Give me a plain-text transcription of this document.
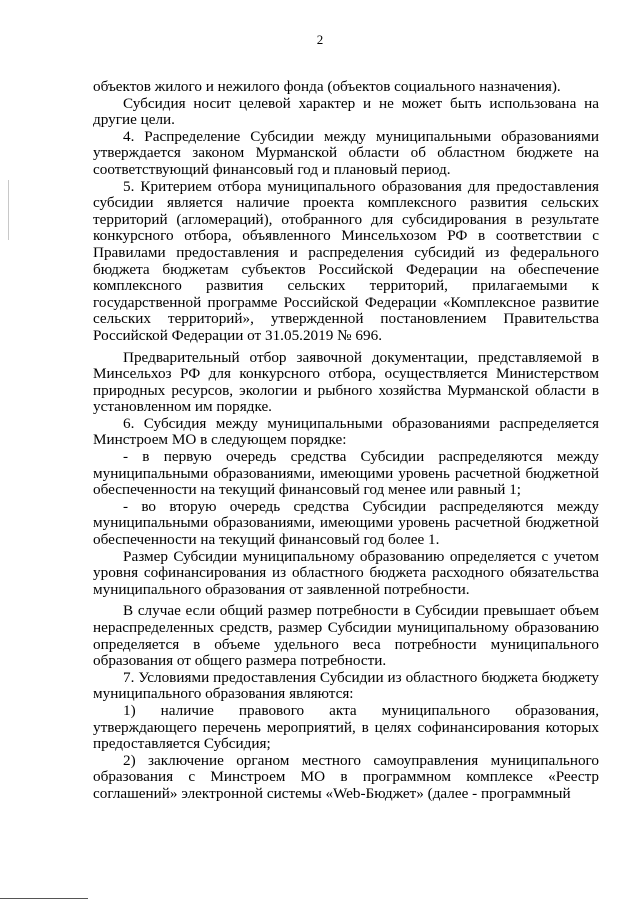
2

объектов жилого и нежилого фонда (объектов социального назначения).

Субсидия носит целевой характер и не может быть использована на другие цели.

4. Распределение Субсидии между муниципальными образованиями утверждается законом Мурманской области об областном бюджете на соответствующий финансовый год и плановый период.

5. Критерием отбора муниципального образования для предоставления субсидии является наличие проекта комплексного развития сельских территорий (агломераций), отобранного для субсидирования в результате конкурсного отбора, объявленного Минсельхозом РФ в соответствии с Правилами предоставления и распределения субсидий из федерального бюджета бюджетам субъектов Российской Федерации на обеспечение комплексного развития сельских территорий, прилагаемыми к государственной программе Российской Федерации «Комплексное развитие сельских территорий», утвержденной постановлением Правительства Российской Федерации от 31.05.2019 № 696.

Предварительный отбор заявочной документации, представляемой в Минсельхоз РФ для конкурсного отбора, осуществляется Министерством природных ресурсов, экологии и рыбного хозяйства Мурманской области в установленном им порядке.

6. Субсидия между муниципальными образованиями распределяется Минстроем МО в следующем порядке:

- в первую очередь средства Субсидии распределяются между муниципальными образованиями, имеющими уровень расчетной бюджетной обеспеченности на текущий финансовый год менее или равный 1;

- во вторую очередь средства Субсидии распределяются между муниципальными образованиями, имеющими уровень расчетной бюджетной обеспеченности на текущий финансовый год более 1.

Размер Субсидии муниципальному образованию определяется с учетом уровня софинансирования из областного бюджета расходного обязательства муниципального образования от заявленной потребности.

В случае если общий размер потребности в Субсидии превышает объем нераспределенных средств, размер Субсидии муниципальному образованию определяется в объеме удельного веса потребности муниципального образования от общего размера потребности.

7. Условиями предоставления Субсидии из областного бюджета бюджету муниципального образования являются:

1) наличие правового акта муниципального образования, утверждающего перечень мероприятий, в целях софинансирования которых предоставляется Субсидия;

2) заключение органом местного самоуправления муниципального образования с Минстроем МО в программном комплексе «Реестр соглашений» электронной системы «Web-Бюджет» (далее - программный
